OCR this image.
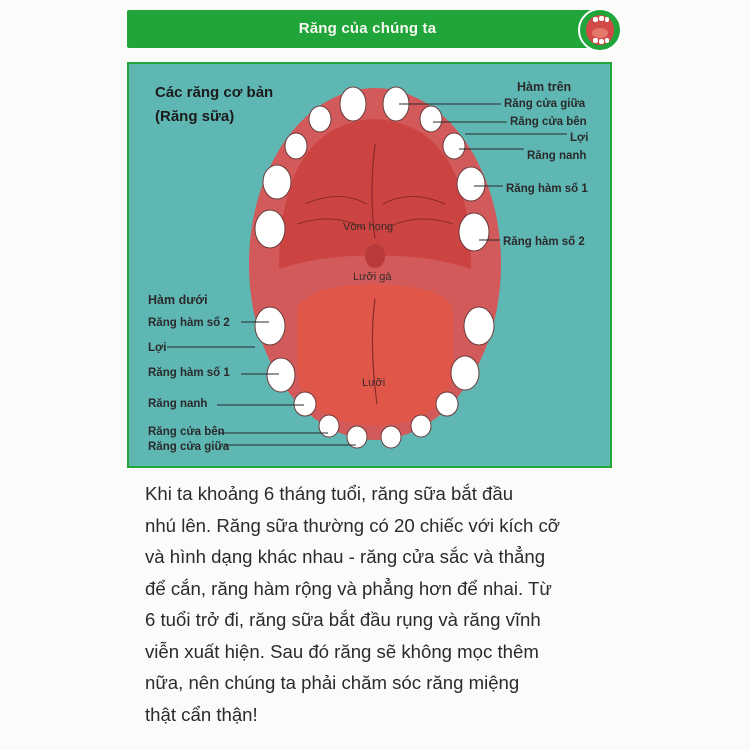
Răng của chúng ta
Các răng cơ bản
(Răng sữa)
Hàm trên
Răng cửa giữa
Răng cửa bên
Lợi
Răng nanh
Răng hàm số 1
Răng hàm số 2
Hàm dưới
Răng hàm số 2
Lợi
Răng hàm số 1
Răng nanh
Răng cửa bên
Răng cửa giữa
Vòm họng
Lưỡi gà
Lưỡi
Khi ta khoảng 6 tháng tuổi, răng sữa bắt đầu
nhú lên. Răng sữa thường có 20 chiếc với kích cỡ
và hình dạng khác nhau - răng cửa sắc và thẳng
để cắn, răng hàm rộng và phẳng hơn để nhai. Từ
6 tuổi trở đi, răng sữa bắt đầu rụng và răng vĩnh
viễn xuất hiện. Sau đó răng sẽ không mọc thêm
nữa, nên chúng ta phải chăm sóc răng miệng
thật cẩn thận!
